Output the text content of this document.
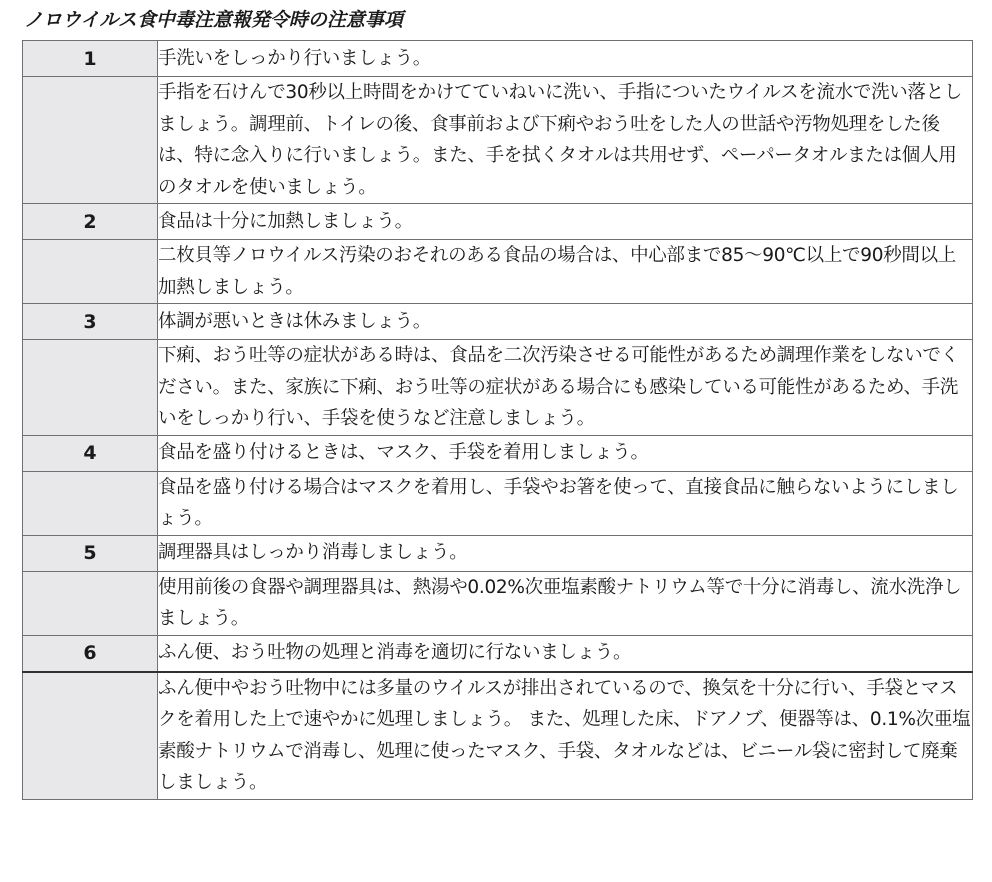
ノロウイルス食中毒注意報発令時の注意事項
1	手洗いをしっかり行いましょう。
	手指を石けんで30秒以上時間をかけてていねいに洗い、手指についたウイルスを流水で洗い落としましょう。調理前、トイレの後、食事前および下痢やおう吐をした人の世話や汚物処理をした後は、特に念入りに行いましょう。また、手を拭くタオルは共用せず、ペーパータオルまたは個人用のタオルを使いましょう。
2	食品は十分に加熱しましょう。
	二枚貝等ノロウイルス汚染のおそれのある食品の場合は、中心部まで85～90℃以上で90秒間以上加熱しましょう。
3	体調が悪いときは休みましょう。
	下痢、おう吐等の症状がある時は、食品を二次汚染させる可能性があるため調理作業をしないでください。また、家族に下痢、おう吐等の症状がある場合にも感染している可能性があるため、手洗いをしっかり行い、手袋を使うなど注意しましょう。
4	食品を盛り付けるときは、マスク、手袋を着用しましょう。
	食品を盛り付ける場合はマスクを着用し、手袋やお箸を使って、直接食品に触らないようにしましょう。
5	調理器具はしっかり消毒しましょう。
	使用前後の食器や調理器具は、熱湯や0.02%次亜塩素酸ナトリウム等で十分に消毒し、流水洗浄しましょう。
6	ふん便、おう吐物の処理と消毒を適切に行ないましょう。
	ふん便中やおう吐物中には多量のウイルスが排出されているので、換気を十分に行い、手袋とマスクを着用した上で速やかに処理しましょう。 また、処理した床、ドアノブ、便器等は、0.1%次亜塩素酸ナトリウムで消毒し、処理に使ったマスク、手袋、タオルなどは、ビニール袋に密封して廃棄しましょう。
